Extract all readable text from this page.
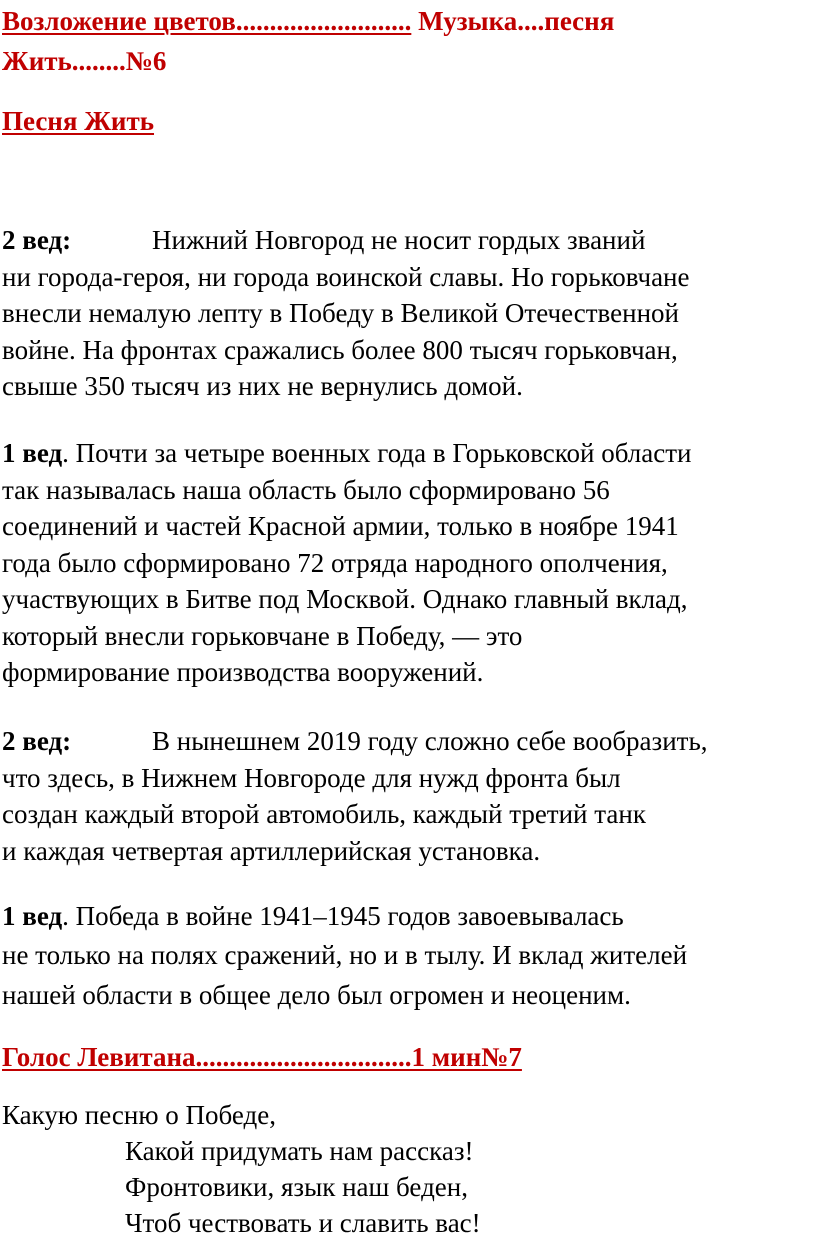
Возложение цветов.......................... Музыка....песня
Жить........№6
Песня Жить
2 вед:	Нижний Новгород не носит гордых званий
ни города-героя, ни города воинской славы. Но горьковчане
внесли немалую лепту в Победу в Великой Отечественной
войне. На фронтах сражались более 800 тысяч горьковчан,
свыше 350 тысяч из них не вернулись домой.
1 вед. Почти за четыре военных года в Горьковской области
так называлась наша область было сформировано 56
соединений и частей Красной армии, только в ноябре 1941
года было сформировано 72 отряда народного ополчения,
участвующих в Битве под Москвой. Однако главный вклад,
который внесли горьковчане в Победу, — это
формирование производства вооружений.
2 вед:	В нынешнем 2019 году сложно себе вообразить,
что здесь, в Нижнем Новгороде для нужд фронта был
создан каждый второй автомобиль, каждый третий танк
и каждая четвертая артиллерийская установка.
1 вед. Победа в войне 1941–1945 годов завоевывалась
не только на полях сражений, но и в тылу. И вклад жителей
нашей области в общее дело был огромен и неоценим.
Голос Левитана................................1 мин№7
Какую песню о Победе,
Какой придумать нам рассказ!
Фронтовики, язык наш беден,
Чтоб чествовать и славить вас!
